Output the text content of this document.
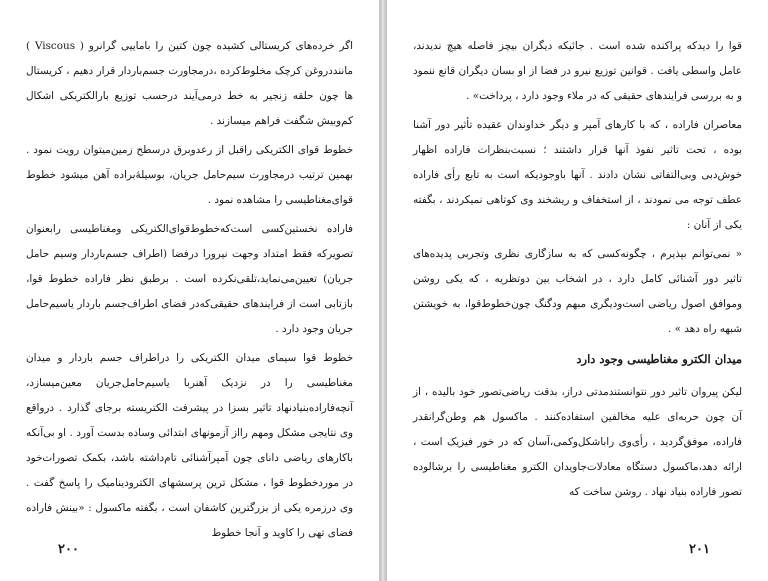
اگر خرده‌های کریستالی کشیده چون کتین را باماییی گرانرو ( Viscous ) ماننددروغن کرچک مخلوط‌کرده ،درمجاورت جسم‌باردار قرار دهیم ، کریستال ها چون حلقه زنجیر به خط درمی‌آیند درحسب توزیع بارالکتریکی اشکال کم‌وبیش شگفت فراهم میسازند .

خطوط قوای الکتریکی راقبل از رعدوبرق درسطح زمین‌میتوان رویت نمود . بهمین ترتیب درمجاورت سیم‌حامل جریان، بوسیلۀبراده آهن میشود خطوط قوای‌مغناطیسی را مشاهده نمود .

فاراده نخستین‌کسی است‌که‌خطوط‌قوای‌الکتریکی ومغناطیسی رابعنوان تصویرکه فقط امتداد وجهت نیرو‌را درفضا (اطراف جسم‌باردار وسیم حامل جریان) تعیین‌می‌نماید،تلقی‌نکرده است . برطبق نظر فاراده خطوط قوا، بازتابی است از فرایندهای حقیقی‌که‌در فضای اطراف‌جسم باردار یاسیم‌حامل جریان وجود دارد .

خطوط قوا سیمای میدان الکتریکی را دراطراف جسم باردار و میدان مغناطیسی را در نزدیک آهنربا یاسیم‌حامل‌جریان معین‌میسازد، آنچه‌فاراده‌بنیادنهاد تاثیر بسزا در پیشرفت الکتریسته برجای گذارد . درواقع وی نتایجی مشکل ومهم رااز آزمونهای ابتدائی وساده بدست آورد . او بی‌آنکه با‌کارهای ریاضی دانای چون آمپرآشنائی تام‌داشته باشد، بکمک تصورات‌خود در موردخطوط قوا ، مشکل ترین پرسشهای الکترودینامیک را پاسخ گفت . وی درزمره یکی از بزرگترین کاشفان است ، بگفته ماکسول : «بینش فاراده فضای تهی را کاوید و آنجا خطوط

۲۰۰

قوا را دیدکه پراکنده شده است . جائیکه دیگران بیچز فاصله هیچ ندیدند، عامل واسطی یافت . قوانین توزیع نیرو در فضا از او بسان دیگران قانع ننمود و به بررسی فرایندهای حقیقی که در ملاء وجود دارد ، پرداخت» .

معاصران فاراده ، که با کارهای آمپر و دیگر خداوندان عقیده تأثیر دور آشنا بوده ، تحت تاثیر نفوذ آنها قرار داشتند ؛ نسبت‌بنظرات فاراده اظهار خوش‌دبی وبی‌التفاتی نشان دادند . آنها باوجودیکه است به تابع رأی فاراده عطف توجه می نمودند ، از استخفاف و ریشخند وی کوتاهی نمیکردند ، بگفته یکی از آنان :

« نمی‌توانم بپذیرم ، چگونه‌کسی که به سازگاری نظری وتجربی پدیده‌های تاثیر دور آشنائی کامل دارد ، در اشخاب بین دوتظریه ، که یکی روشن وموافق اصول ریاضی است‌ودیگری مبهم ودگنگ چون‌خطوط‌قوا، به خویشتن شبهه راه دهد » .

میدان الکترو مغناطیسی وجود دارد

لیکن پیروان تاثیر دور نتوانستندمدتی دراز، بدقت ریاضی‌تصور خود بالیده ، از آن چون حربه‌ای علیه مخالفین استفاده‌کنند . ماکسول هم وطن‌گرانقدر فاراده، موفق‌گردید ، رأی‌وی راباشکل‌وکمی،آسان که در خور فیزیک است ، ارائه دهد،ماکسول دستگاه معادلات‌جاویدان الکترو مغناطیسی را برشالوده تصور فاراده بنیاد نهاد . روشن ساخت که

۲۰۱
